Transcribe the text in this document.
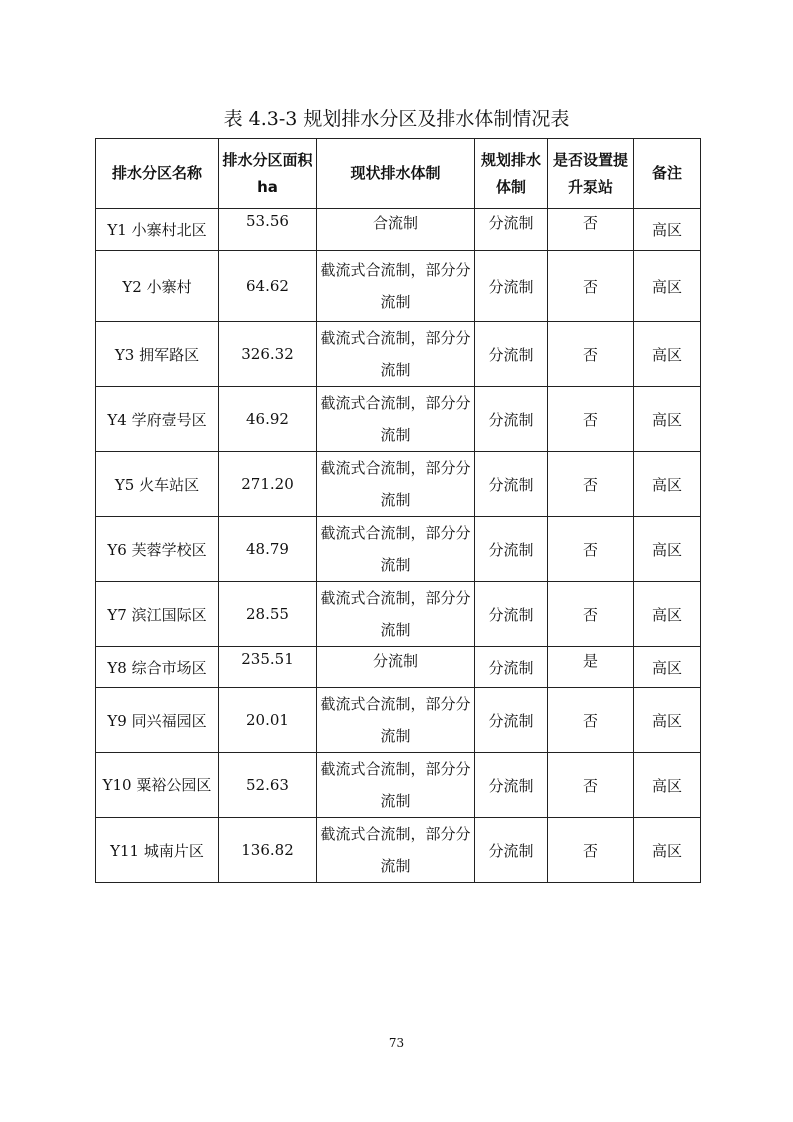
表 4.3-3 规划排水分区及排水体制情况表
排水分区名称	排水分区面积 ha	现状排水体制	规划排水体制	是否设置提升泵站	备注
Y1 小寨村北区	53.56	合流制	分流制	否	高区
Y2 小寨村	64.62	截流式合流制，部分分流制	分流制	否	高区
Y3 拥军路区	326.32	截流式合流制，部分分流制	分流制	否	高区
Y4 学府壹号区	46.92	截流式合流制，部分分流制	分流制	否	高区
Y5 火车站区	271.20	截流式合流制，部分分流制	分流制	否	高区
Y6 芙蓉学校区	48.79	截流式合流制，部分分流制	分流制	否	高区
Y7 滨江国际区	28.55	截流式合流制，部分分流制	分流制	否	高区
Y8 综合市场区	235.51	分流制	分流制	是	高区
Y9 同兴福园区	20.01	截流式合流制，部分分流制	分流制	否	高区
Y10 粟裕公园区	52.63	截流式合流制，部分分流制	分流制	否	高区
Y11 城南片区	136.82	截流式合流制，部分分流制	分流制	否	高区
73
